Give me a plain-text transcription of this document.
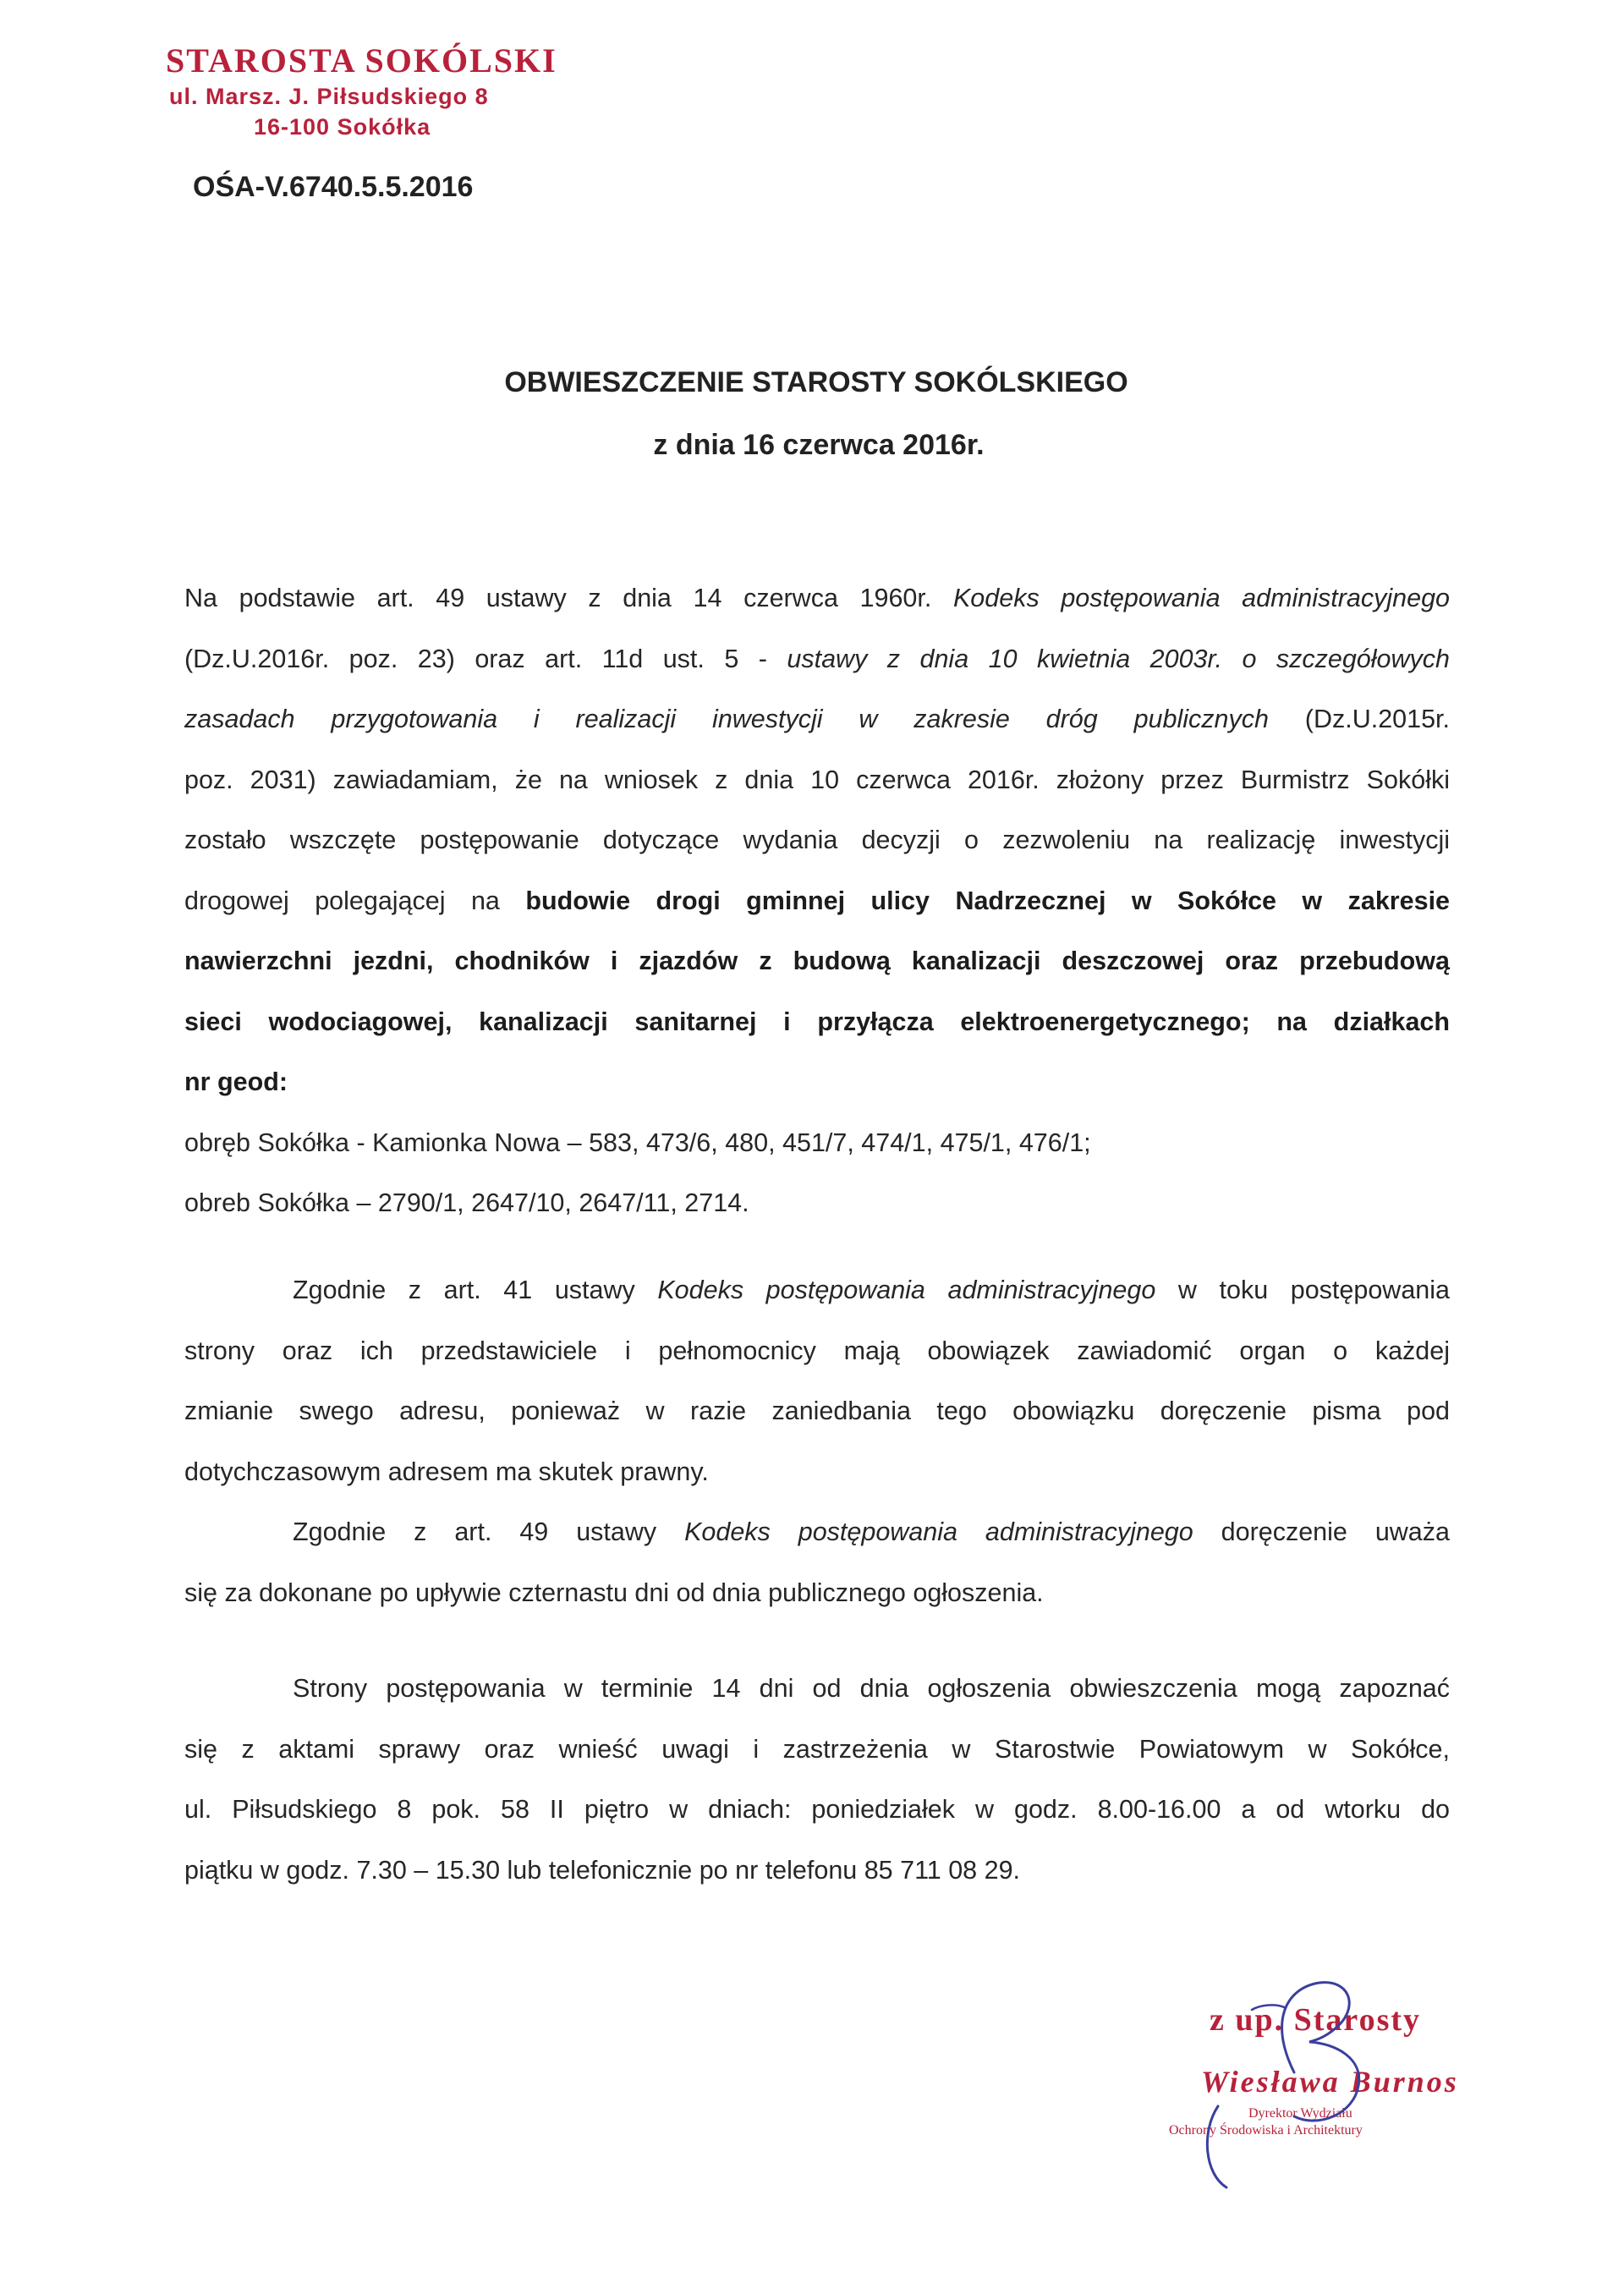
STAROSTA SOKÓLSKI
ul. Marsz. J. Piłsudskiego 8
16-100 Sokółka
OŚA-V.6740.5.5.2016
OBWIESZCZENIE STAROSTY SOKÓLSKIEGO
z dnia 16 czerwca 2016r.
Na podstawie art. 49 ustawy z dnia 14 czerwca 1960r. Kodeks postępowania administracyjnego
(Dz.U.2016r. poz. 23) oraz art. 11d ust. 5 - ustawy z dnia 10 kwietnia 2003r. o szczegółowych
zasadach przygotowania i realizacji inwestycji w zakresie dróg publicznych (Dz.U.2015r.
poz. 2031) zawiadamiam, że na wniosek z dnia 10 czerwca 2016r. złożony przez Burmistrz Sokółki
zostało wszczęte postępowanie dotyczące wydania decyzji o zezwoleniu na realizację inwestycji
drogowej polegającej na budowie drogi gminnej ulicy Nadrzecznej w Sokółce w zakresie
nawierzchni jezdni, chodników i zjazdów z budową kanalizacji deszczowej oraz przebudową
sieci wodociagowej, kanalizacji sanitarnej i przyłącza elektroenergetycznego; na działkach
nr geod:
obręb Sokółka - Kamionka Nowa – 583, 473/6, 480, 451/7, 474/1, 475/1, 476/1;
obreb Sokółka – 2790/1, 2647/10, 2647/11, 2714.
Zgodnie z art. 41 ustawy Kodeks postępowania administracyjnego w toku postępowania
strony oraz ich przedstawiciele i pełnomocnicy mają obowiązek zawiadomić organ o każdej
zmianie swego adresu, ponieważ w razie zaniedbania tego obowiązku doręczenie pisma pod
dotychczasowym adresem ma skutek prawny.
Zgodnie z art. 49 ustawy Kodeks postępowania administracyjnego doręczenie uważa
się za dokonane po upływie czternastu dni od dnia publicznego ogłoszenia.
Strony postępowania w terminie 14 dni od dnia ogłoszenia obwieszczenia mogą zapoznać
się z aktami sprawy oraz wnieść uwagi i zastrzeżenia w Starostwie Powiatowym w Sokółce,
ul. Piłsudskiego 8 pok. 58 II piętro w dniach: poniedziałek w godz. 8.00-16.00 a od wtorku do
piątku w godz. 7.30 – 15.30 lub telefonicznie po nr telefonu 85 711 08 29.
z up. Starosty
Wiesława Burnos
Dyrektor Wydziału
Ochrony Środowiska i Architektury
